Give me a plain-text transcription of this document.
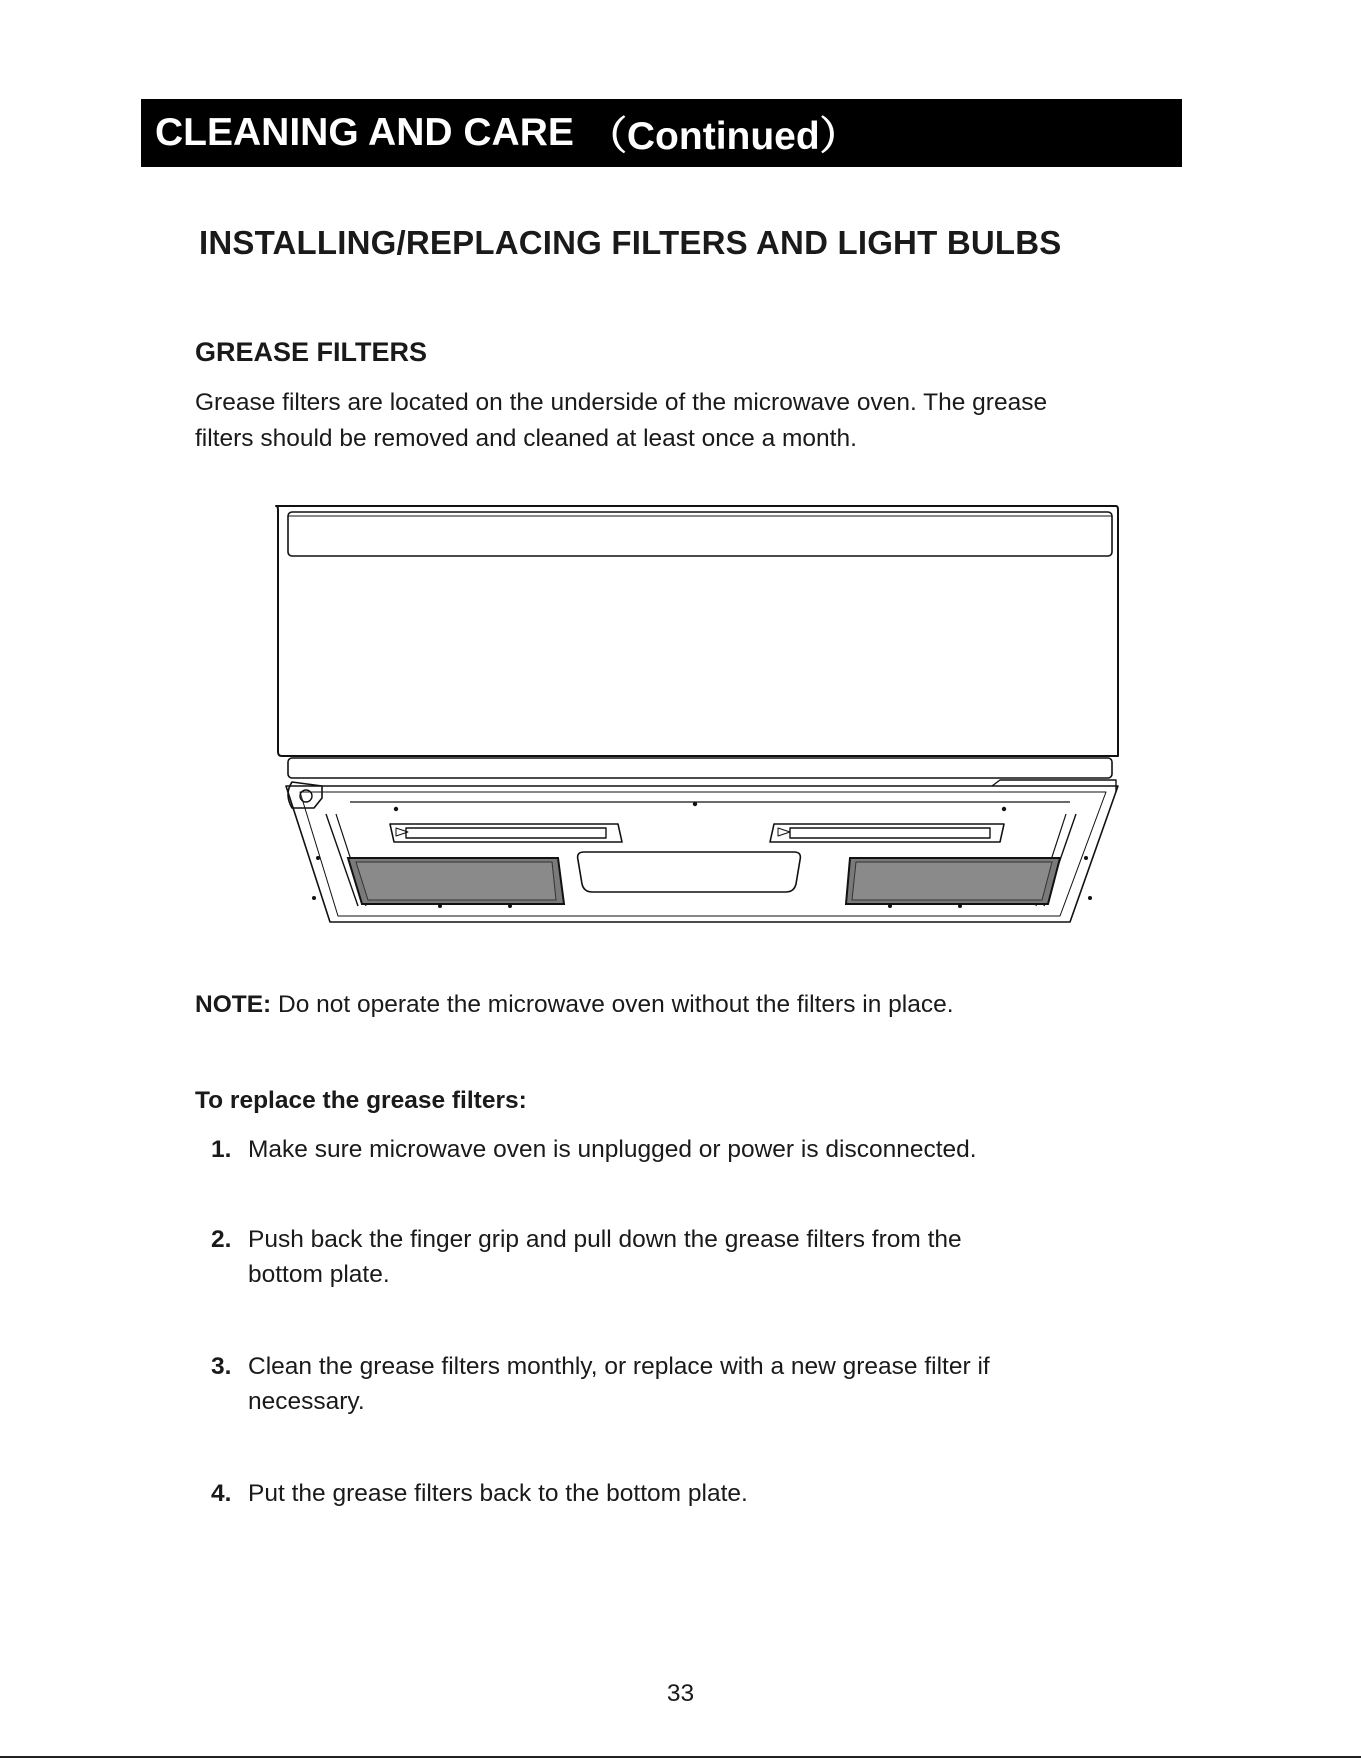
CLEANING AND CARE （Continued）
INSTALLING/REPLACING FILTERS AND LIGHT BULBS
GREASE FILTERS
Grease filters are located on the underside of the microwave oven. The grease
filters should be removed and cleaned at least once a month.
NOTE: Do not operate the microwave oven without the filters in place.
To replace the grease filters:
1. Make sure microwave oven is unplugged or power is disconnected.
2. Push back the finger grip and pull down the grease filters from the
bottom plate.
3. Clean the grease filters monthly, or replace with a new grease filter if
necessary.
4. Put the grease filters back to the bottom plate.
33
